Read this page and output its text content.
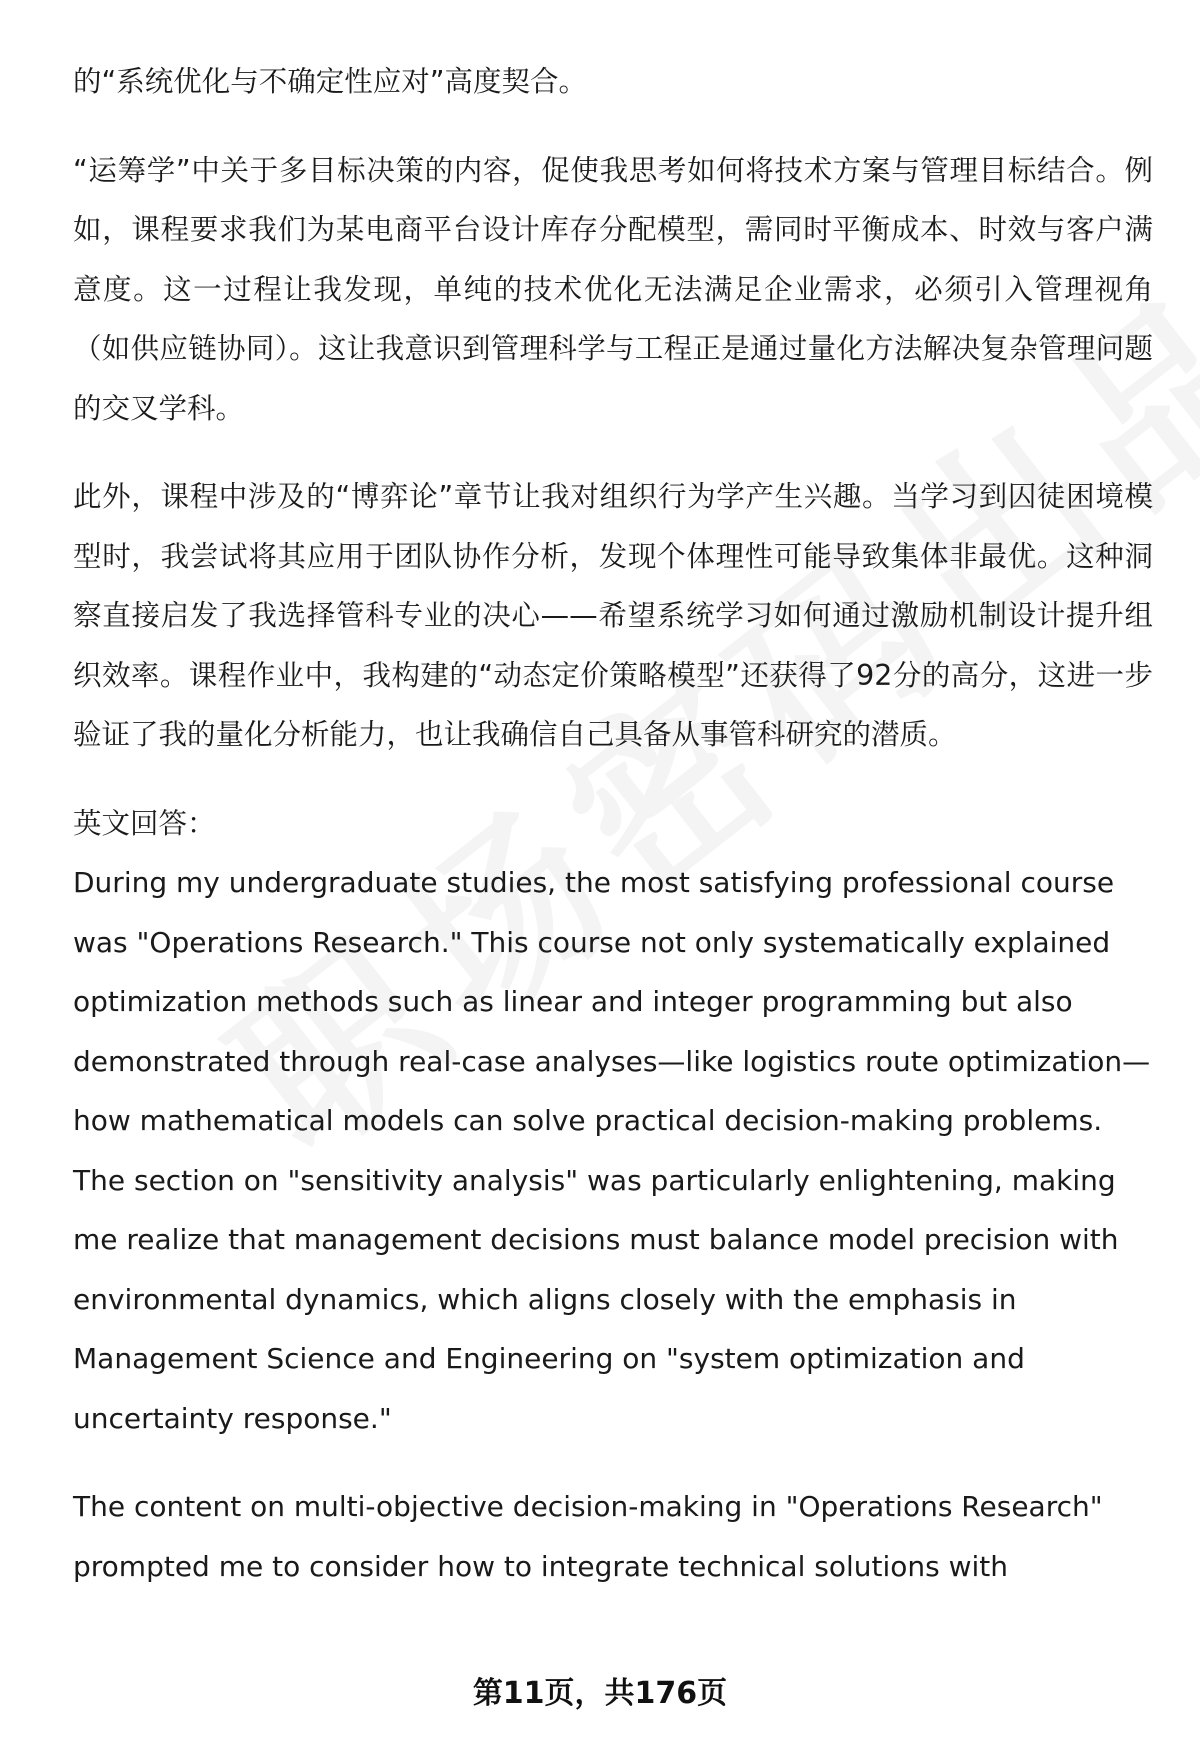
的“系统优化与不确定性应对”高度契合。

“运筹学”中关于多目标决策的内容，促使我思考如何将技术方案与管理目标结合。例如，课程要求我们为某电商平台设计库存分配模型，需同时平衡成本、时效与客户满意度。这一过程让我发现，单纯的技术优化无法满足企业需求，必须引入管理视角（如供应链协同）。这让我意识到管理科学与工程正是通过量化方法解决复杂管理问题的交叉学科。

此外，课程中涉及的“博弈论”章节让我对组织行为学产生兴趣。当学习到囚徒困境模型时，我尝试将其应用于团队协作分析，发现个体理性可能导致集体非最优。这种洞察直接启发了我选择管科专业的决心——希望系统学习如何通过激励机制设计提升组织效率。课程作业中，我构建的“动态定价策略模型”还获得了92分的高分，这进一步验证了我的量化分析能力，也让我确信自己具备从事管科研究的潜质。

英文回答：

During my undergraduate studies, the most satisfying professional course was "Operations Research." This course not only systematically explained optimization methods such as linear and integer programming but also demonstrated through real-case analyses—like logistics route optimization—how mathematical models can solve practical decision-making problems. The section on "sensitivity analysis" was particularly enlightening, making me realize that management decisions must balance model precision with environmental dynamics, which aligns closely with the emphasis in Management Science and Engineering on "system optimization and uncertainty response."

The content on multi-objective decision-making in "Operations Research" prompted me to consider how to integrate technical solutions with

第11页，共176页
